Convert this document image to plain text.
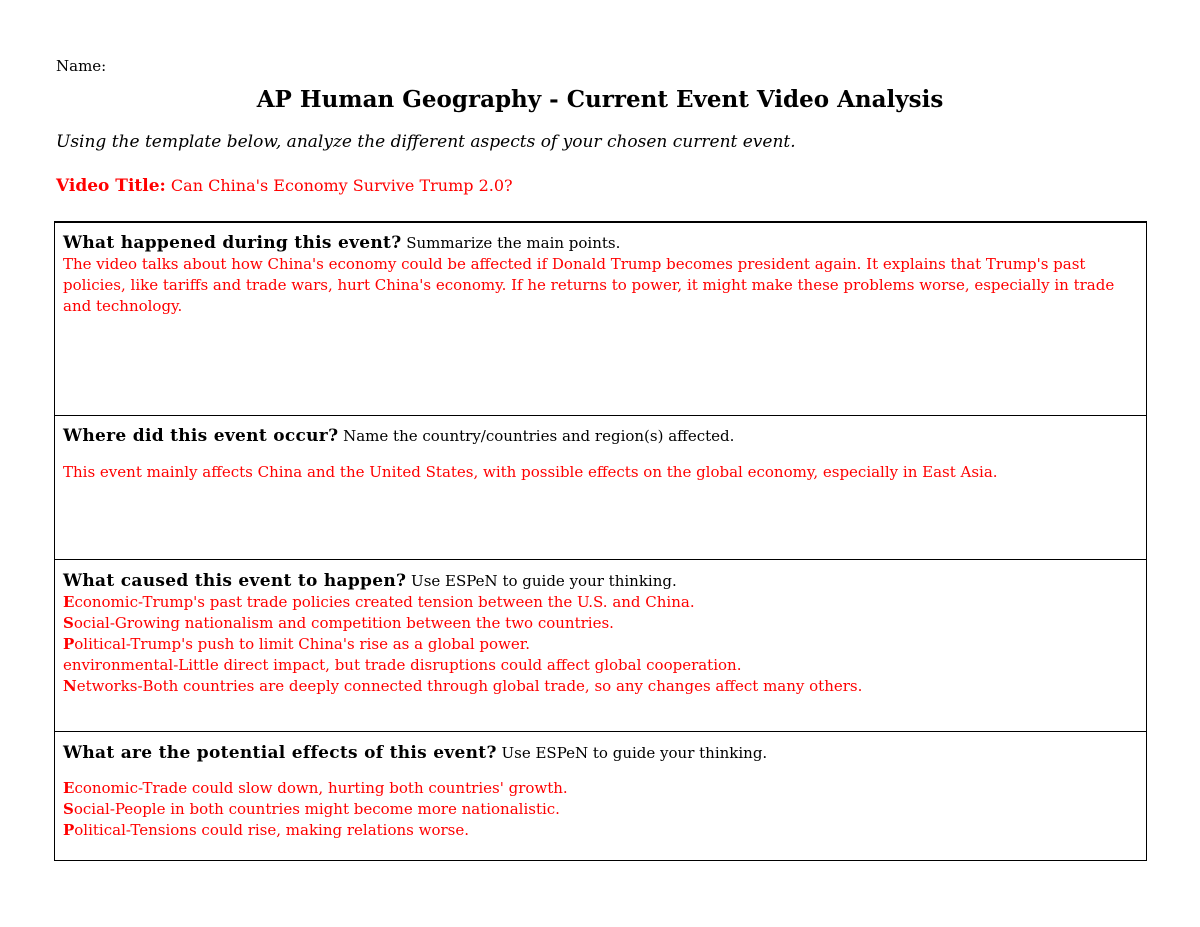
Name:
AP Human Geography - Current Event Video Analysis
Using the template below, analyze the different aspects of your chosen current event.
Video Title: Can China's Economy Survive Trump 2.0?
What happened during this event? Summarize the main points.

The video talks about how China's economy could be affected if Donald Trump becomes president again. It explains that Trump's past policies, like tariffs and trade wars, hurt China's economy. If he returns to power, it might make these problems worse, especially in trade and technology.

Where did this event occur? Name the country/countries and region(s) affected.

This event mainly affects China and the United States, with possible effects on the global economy, especially in East Asia.

What caused this event to happen? Use ESPeN to guide your thinking.

Economic-Trump's past trade policies created tension between the U.S. and China.

Social-Growing nationalism and competition between the two countries.

Political-Trump's push to limit China's rise as a global power.

environmental-Little direct impact, but trade disruptions could affect global cooperation.

Networks-Both countries are deeply connected through global trade, so any changes affect many others.

What are the potential effects of this event? Use ESPeN to guide your thinking.

Economic-Trade could slow down, hurting both countries' growth.

Social-People in both countries might become more nationalistic.

Political-Tensions could rise, making relations worse.
